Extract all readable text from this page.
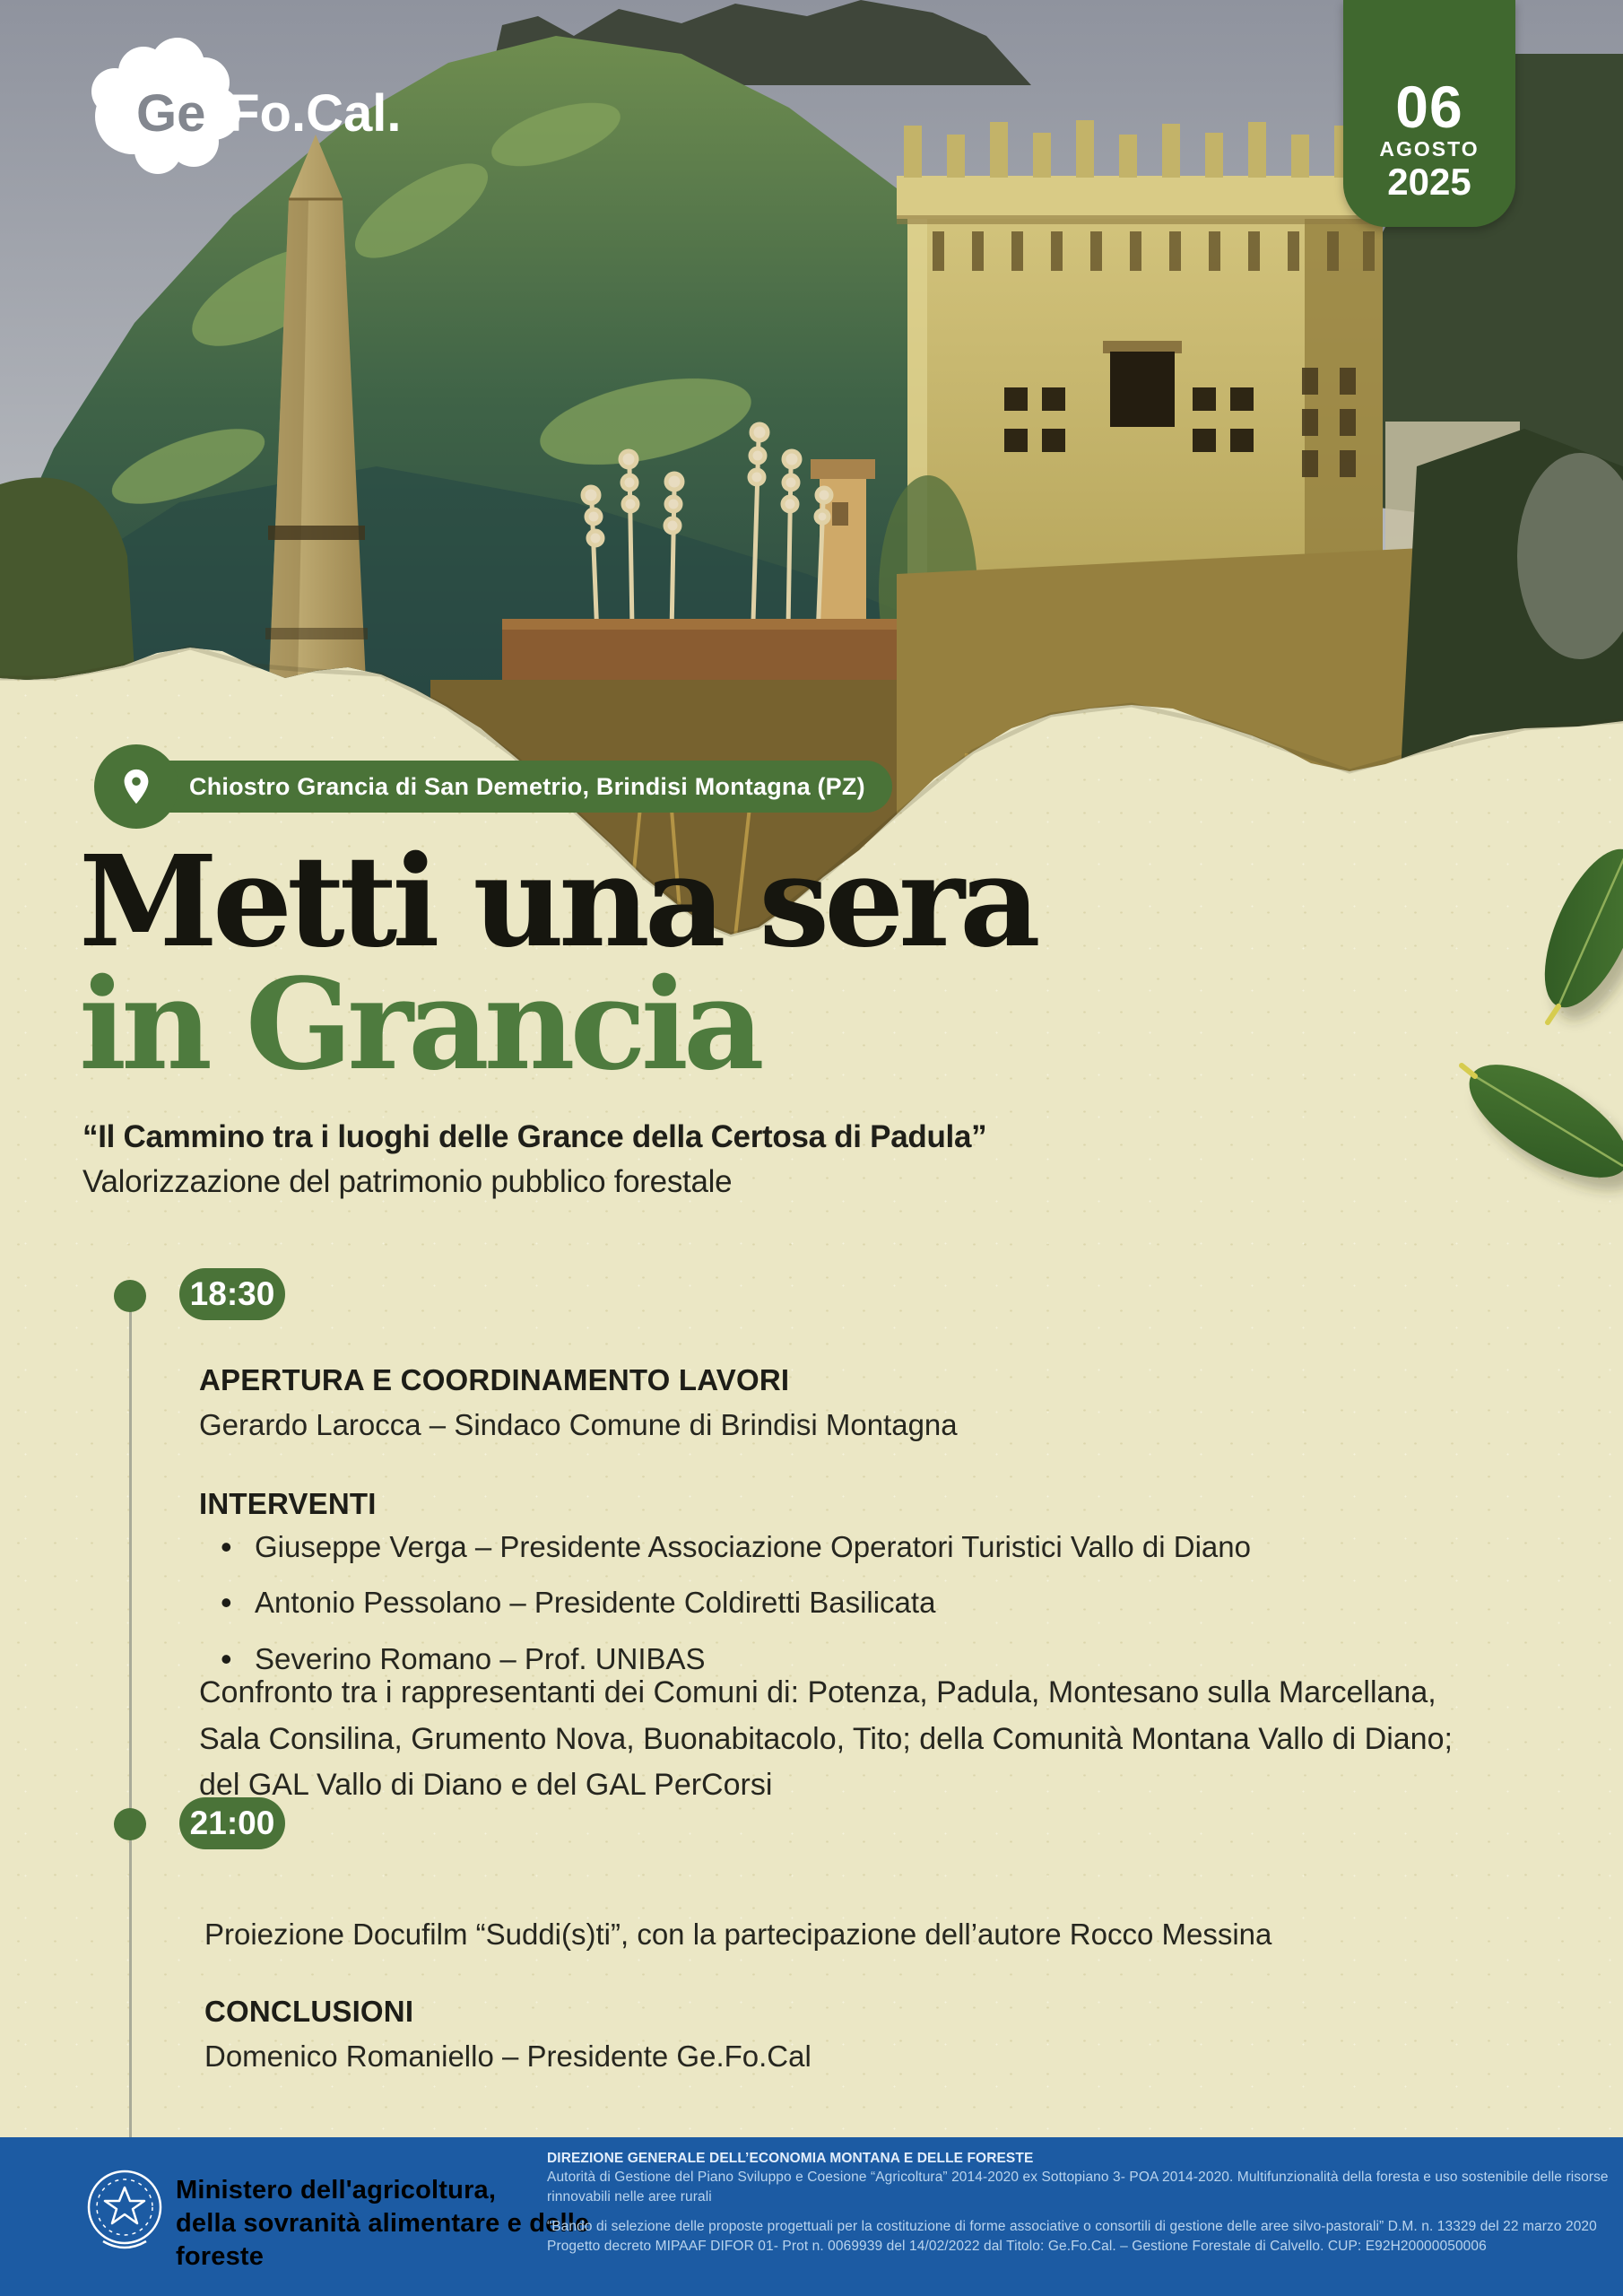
Ge .Fo.Cal.	06
AGOSTO
2025
Chiostro Grancia di San Demetrio, Brindisi Montagna (PZ)
Metti una sera
in Grancia
“Il Cammino tra i luoghi delle Grance della Certosa di Padula”
Valorizzazione del patrimonio pubblico forestale
18:30
21:00
APERTURA E COORDINAMENTO LAVORI
Gerardo Larocca – Sindaco Comune di Brindisi Montagna
INTERVENTI
• Giuseppe Verga – Presidente Associazione Operatori Turistici Vallo di Diano
• Antonio Pessolano – Presidente Coldiretti Basilicata
• Severino Romano – Prof. UNIBAS
Confronto tra i rappresentanti dei Comuni di: Potenza, Padula, Montesano sulla Marcellana, Sala Consilina, Grumento Nova, Buonabitacolo, Tito; della Comunità Montana Vallo di Diano; del GAL Vallo di Diano e del GAL PerCorsi
Proiezione Docufilm “Suddi(s)ti”, con la partecipazione dell’autore Rocco Messina
CONCLUSIONI
Domenico Romaniello – Presidente Ge.Fo.Cal
Ministero dell'agricoltura,
della sovranità alimentare e delle
foreste
DIREZIONE GENERALE DELL’ECONOMIA MONTANA E DELLE FORESTE
Autorità di Gestione del Piano Sviluppo e Coesione “Agricoltura” 2014-2020 ex Sottopiano 3- POA 2014-2020. Multifunzionalità della foresta e uso sostenibile delle risorse rinnovabili nelle aree rurali
“Bando di selezione delle proposte progettuali per la costituzione di forme associative o consortili di gestione delle aree silvo-pastorali” D.M. n. 13329 del 22 marzo 2020
Progetto decreto MIPAAF DIFOR 01- Prot n. 0069939 del 14/02/2022 dal Titolo: Ge.Fo.Cal. – Gestione Forestale di Calvello. CUP: E92H20000050006
